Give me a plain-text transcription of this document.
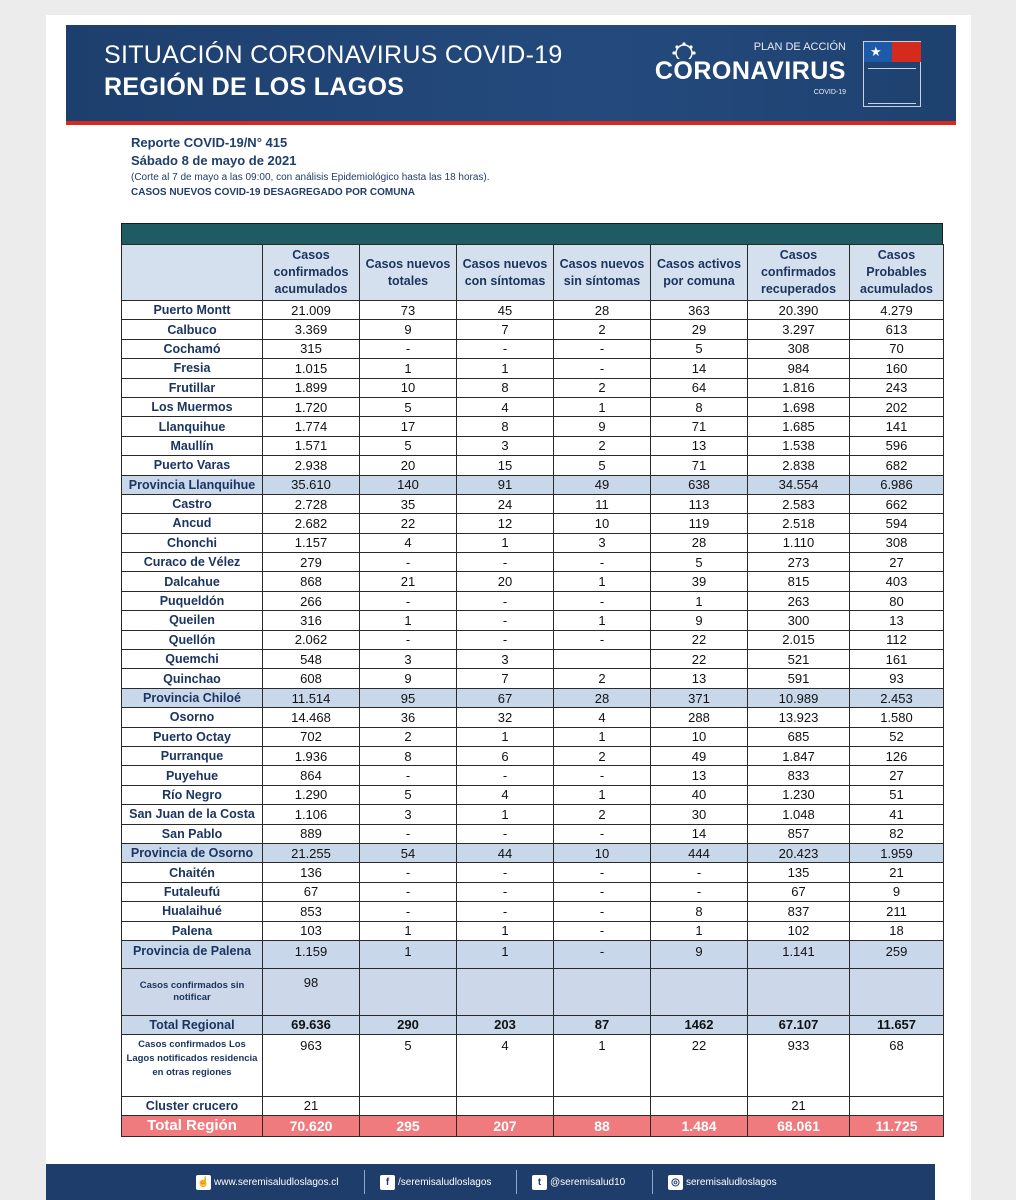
SITUACIÓN CORONAVIRUS COVID-19
REGIÓN DE LOS LAGOS
PLAN DE ACCIÓN
CORONAVIRUS
COVID-19
★
Reporte COVID-19/N° 415
Sábado 8 de mayo de 2021
(Corte al 7 de mayo a las 09:00, con análisis Epidemiológico hasta las 18 horas).
CASOS NUEVOS COVID-19 DESAGREGADO POR COMUNA
	Casos confirmados acumulados	Casos nuevos totales	Casos nuevos con síntomas	Casos nuevos sin síntomas	Casos activos por comuna	Casos confirmados recuperados	Casos Probables acumulados
Puerto Montt	21.009	73	45	28	363	20.390	4.279
Calbuco	3.369	9	7	2	29	3.297	613
Cochamó	315	-	-	-	5	308	70
Fresia	1.015	1	1	-	14	984	160
Frutillar	1.899	10	8	2	64	1.816	243
Los Muermos	1.720	5	4	1	8	1.698	202
Llanquihue	1.774	17	8	9	71	1.685	141
Maullín	1.571	5	3	2	13	1.538	596
Puerto Varas	2.938	20	15	5	71	2.838	682
Provincia Llanquihue	35.610	140	91	49	638	34.554	6.986
Castro	2.728	35	24	11	113	2.583	662
Ancud	2.682	22	12	10	119	2.518	594
Chonchi	1.157	4	1	3	28	1.110	308
Curaco de Vélez	279	-	-	-	5	273	27
Dalcahue	868	21	20	1	39	815	403
Puqueldón	266	-	-	-	1	263	80
Queilen	316	1	-	1	9	300	13
Quellón	2.062	-	-	-	22	2.015	112
Quemchi	548	3	3		22	521	161
Quinchao	608	9	7	2	13	591	93
Provincia Chiloé	11.514	95	67	28	371	10.989	2.453
Osorno	14.468	36	32	4	288	13.923	1.580
Puerto Octay	702	2	1	1	10	685	52
Purranque	1.936	8	6	2	49	1.847	126
Puyehue	864	-	-	-	13	833	27
Río Negro	1.290	5	4	1	40	1.230	51
San Juan de la Costa	1.106	3	1	2	30	1.048	41
San Pablo	889	-	-	-	14	857	82
Provincia de Osorno	21.255	54	44	10	444	20.423	1.959
Chaitén	136	-	-	-	-	135	21
Futaleufú	67	-	-	-	-	67	9
Hualaihué	853	-	-	-	8	837	211
Palena	103	1	1	-	1	102	18
Provincia de Palena	1.159	1	1	-	9	1.141	259
Casos confirmados sin notificar	98						
Total Regional	69.636	290	203	87	1462	67.107	11.657
Casos confirmados Los Lagos notificados residencia en otras regiones	963	5	4	1	22	933	68
Cluster crucero	21					21	
Total Región	70.620	295	207	88	1.484	68.061	11.725
☝ www.seremisaludloslagos.cl	f /seremisaludloslagos	t @seremisalud10	◎ seremisaludloslagos
